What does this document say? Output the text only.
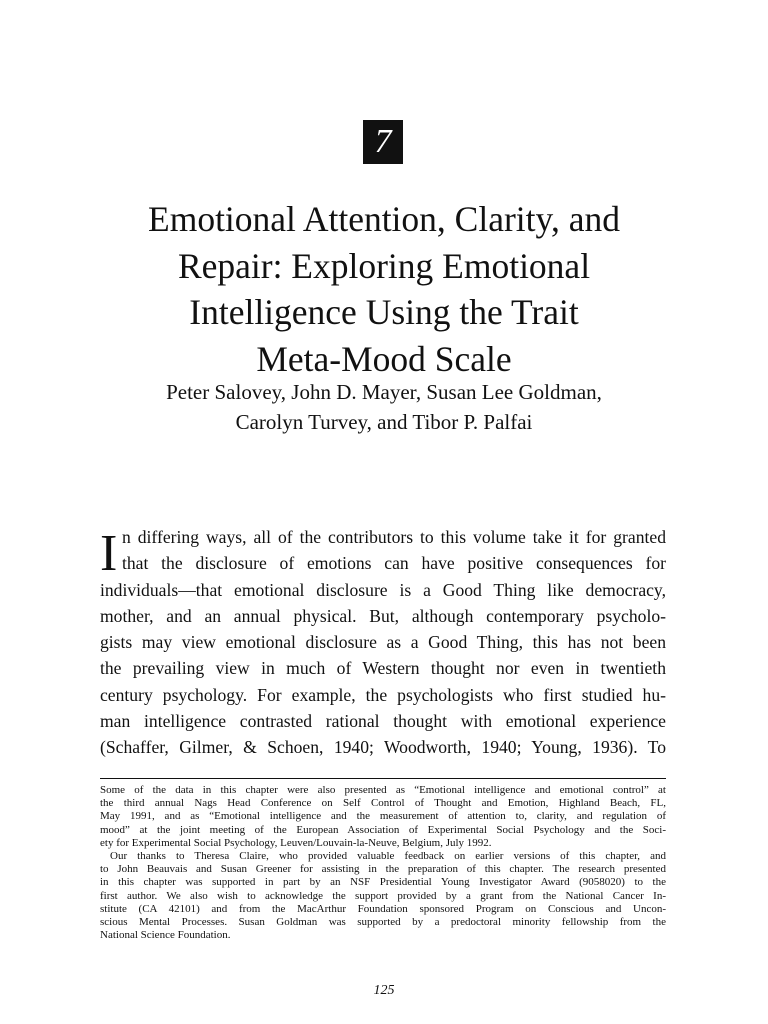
7
Emotional Attention, Clarity, and
Repair: Exploring Emotional
Intelligence Using the Trait
Meta-Mood Scale
Peter Salovey, John D. Mayer, Susan Lee Goldman,
Carolyn Turvey, and Tibor P. Palfai
I n differing ways, all of the contributors to this volume take it for granted
that the disclosure of emotions can have positive consequences for
individuals—that emotional disclosure is a Good Thing like democracy,
mother, and an annual physical. But, although contemporary psycholo-
gists may view emotional disclosure as a Good Thing, this has not been
the prevailing view in much of Western thought nor even in twentieth
century psychology. For example, the psychologists who first studied hu-
man intelligence contrasted rational thought with emotional experience
(Schaffer, Gilmer, & Schoen, 1940; Woodworth, 1940; Young, 1936). To
Some of the data in this chapter were also presented as “Emotional intelligence and emotional control” at
the third annual Nags Head Conference on Self Control of Thought and Emotion, Highland Beach, FL,
May 1991, and as “Emotional intelligence and the measurement of attention to, clarity, and regulation of
mood” at the joint meeting of the European Association of Experimental Social Psychology and the Soci-
ety for Experimental Social Psychology, Leuven/Louvain-la-Neuve, Belgium, July 1992.
Our thanks to Theresa Claire, who provided valuable feedback on earlier versions of this chapter, and
to John Beauvais and Susan Greener for assisting in the preparation of this chapter. The research presented
in this chapter was supported in part by an NSF Presidential Young Investigator Award (9058020) to the
first author. We also wish to acknowledge the support provided by a grant from the National Cancer In-
stitute (CA 42101) and from the MacArthur Foundation sponsored Program on Conscious and Uncon-
scious Mental Processes. Susan Goldman was supported by a predoctoral minority fellowship from the
National Science Foundation.
125
